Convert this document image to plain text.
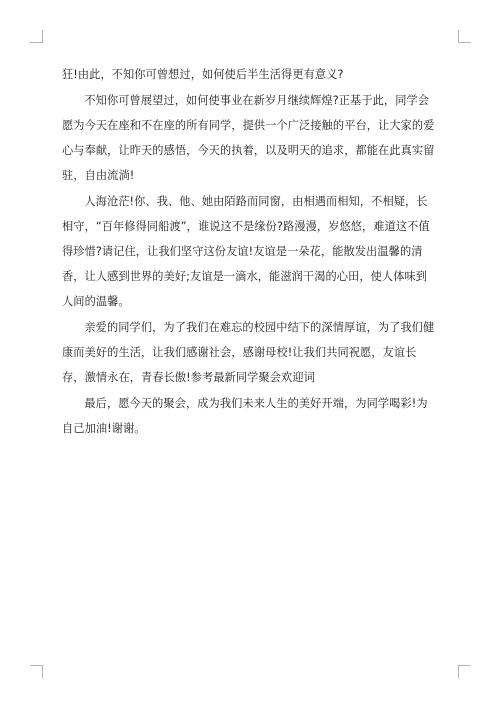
狂!由此，不知你可曾想过，如何使后半生活得更有意义?

不知你可曾展望过，如何使事业在新岁月继续辉煌?正基于此，同学会愿为今天在座和不在座的所有同学，提供一个广泛接触的平台，让大家的爱心与奉献，让昨天的感悟，今天的执着，以及明天的追求，都能在此真实留驻，自由流淌!

人海沧茫!你、我、他、她由陌路而同窗，由相遇而相知，不相疑，长相守，“百年修得同船渡”，谁说这不是缘份?路漫漫，岁悠悠，难道这不值得珍惜?请记住，让我们坚守这份友谊!友谊是一朵花，能散发出温馨的清香，让人感到世界的美好;友谊是一滴水，能滋润干渴的心田，使人体味到人间的温馨。

亲爱的同学们，为了我们在难忘的校园中结下的深情厚谊，为了我们健康而美好的生活，让我们感谢社会，感谢母校!让我们共同祝愿，友谊长存，激情永在，青春长傲!参考最新同学聚会欢迎词

最后，愿今天的聚会，成为我们未来人生的美好开端，为同学喝彩!为自己加油!谢谢。
